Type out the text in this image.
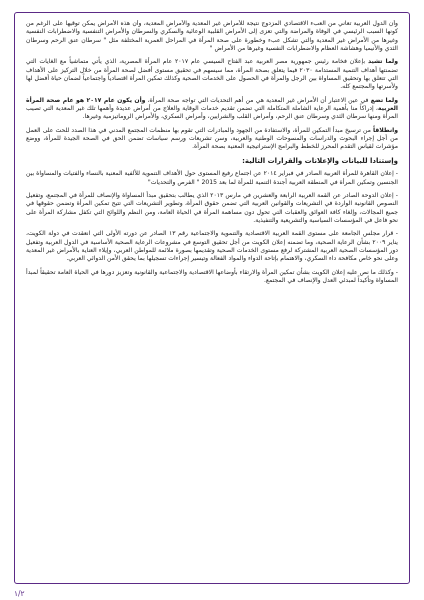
وأن الدول العربية تعاني من العبء الاقتصادي المزدوج نتيجة للأمراض غير المعدية والأمراض المعدية، وأن هذه الأمراض يمكن توقيها على الرغم من كونها السبب الرئيسي في الوفاة والمراضة والتي تعزى إلى الأمراض القلبية الوعائية والسكري والسرطان والأمراض التنفسية والاضطرابات النفسية وغيرها من الأمراض غير المعدية والتي تشكل عبء وخطورة على صحة المرأة في المراحل العمرية المختلفة مثل " سرطان عنق الرحم وسرطان الثدي والأنيميا وهشاشة العظام والاضطرابات النفسية وغيرها من الأمراض "

ولما تشيد بإعلان فخامة رئيس جمهورية مصر العربية عبد الفتاح السيسي عام ٢٠١٧ عام المرأة المصرية، الذي يأتي متماشياً مع الغايات التي تضمنتها أهداف التنمية المستدامة ٢٠٣٠ فيما يتعلق بصحة المرأة، مما سيسهم في تحقيق مستوى أفضل لصحة المرأة من خلال التركيز على الأهداف التي تتعلق بها وتحقيق المساواة بين الرجل والمرأة في الحصول على الخدمات الصحية وكذلك تمكين المرأة اقتصادياً واجتماعياً لضمان حياة أفضل لها ولأسرتها والمجتمع كله.

ولما تضع في عين الاعتبار أن الأمراض غير المعدية هي من أهم التحديات التي تواجه صحة المرأة، وأن يكون عام ٢٠١٧ هو عام صحة المرأة العربية، إدراكاً منا بأهمية الرعاية الشاملة المتكاملة التي تضمن تقديم خدمات الوقاية والعلاج من أمراض عديدة وأهمها تلك غير المعدية التي تصيب المرأة ومنها سرطان الثدي وسرطان عنق الرحم، وأمراض القلب والشرايين، وأمراض السكري، والأمراض الروماتيزمية وغيرها.

وانطلاقاً من ترسيخ مبدأ التمكين للمرأة، والاستفادة من الجهود والمبادرات التي تقوم بها منظمات المجتمع المدني في هذا الصدد للحث على العمل من أجل إجراء البحوث والدراسات والمسوحات الوطنية والعربية، وسن تشريعات ورسم سياسات تضمن الحق في الصحة الجيدة للمرأة، ووضع مؤشرات لقياس التقدم المحرز للخطط والبرامج الإستراتيجية المعنية بصحة المرأة.

وإستنادا للبيانات والإعلانات والقرارات التالية:

- إعلان القاهرة للمرأة العربية الصادر في فبراير ٢٠١٤ عن اجتماع رفيع المستوى حول الأهداف التنموية للألفية المعنية بالنساء والفتيات والمساواة بين الجنسين وتمكين المرأة في المنطقة العربية أجندة التنمية للمرأة لما بعد 2015 " الفرص والتحديات"

- إعلان الدوحة الصادر عن القمة العربية الرابعة والعشرين في مارس ٢٠١٣ الذي يطالب بتحقيق مبدأ المساواة والإنصاف للمرأة في المجتمع، وتفعيل النصوص القانونية الواردة في التشريعات والقوانين العربية التي تضمن حقوق المرأة، وتطوير التشريعات التي تتيح تمكين المرأة وتضمن حقوقها في جميع المجالات، وإلغاء كافة العوائق والعقبات التي تحول دون مساهمة المرأة في الحياة العامة، ومن النظم واللوائح التي تكفل مشاركة المرأة على نحو فاعل في المؤسسات السياسية والتشريعية والتنفيذية.

- قرار مجلس الجامعة على مستوى القمة العربية الاقتصادية والتنموية والاجتماعية رقم ١٣ الصادر عن دورته الأولى التي انعقدت في دولة الكويت، يناير ٢٠٠٩ بشأن الرعاية الصحية، وما تضمنه إعلان الكويت من أجل تحقيق التوسع في مشروعات الرعاية الصحية الأساسية في الدول العربية وتفعيل دور المؤسسات الصحية العربية المشتركة لرفع مستوى الخدمات الصحية وتقديمها بصورة ملائمة للمواطن العربي، وإيلاء العناية بالأمراض غير المعدية وعلى نحو خاص مكافحة داء السكري، والاهتمام بإتاحة الدواء والمواد الفعالة وتيسير إجراءات تسجيلها بما يحقق الأمن الدوائي العربي.

- وكذلك ما نص عليه إعلان الكويت بشأن تمكين المرأة والارتقاء بأوضاعها الاقتصادية والاجتماعية والقانونية وتعزيز دورها في الحياة العامة تحقيقاً لمبدأ المساواة وتأكيداً لمبدئي العدل والإنصاف في المجتمع.

١/٢
